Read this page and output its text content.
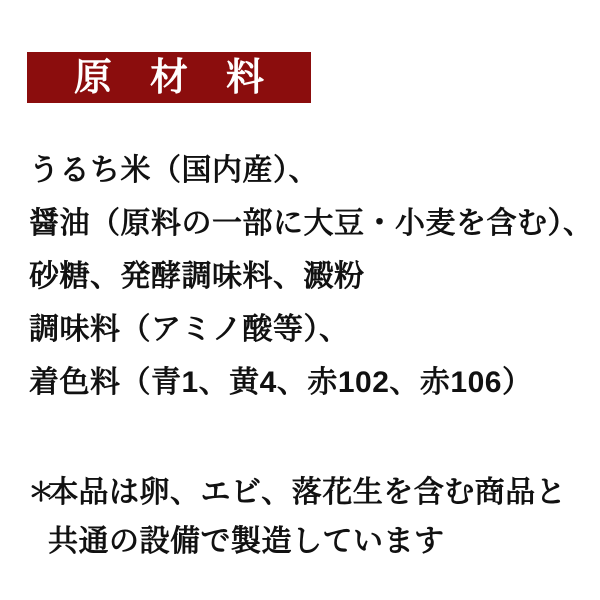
原　材　料
うるち米（国内産）、
醤油（原料の一部に大豆・小麦を含む）、
砂糖、発酵調味料、澱粉
調味料（アミノ酸等）、
着色料（青1、黄4、赤102、赤106）
＊
本品は卵、エビ、落花生を含む商品と
共通の設備で製造しています
